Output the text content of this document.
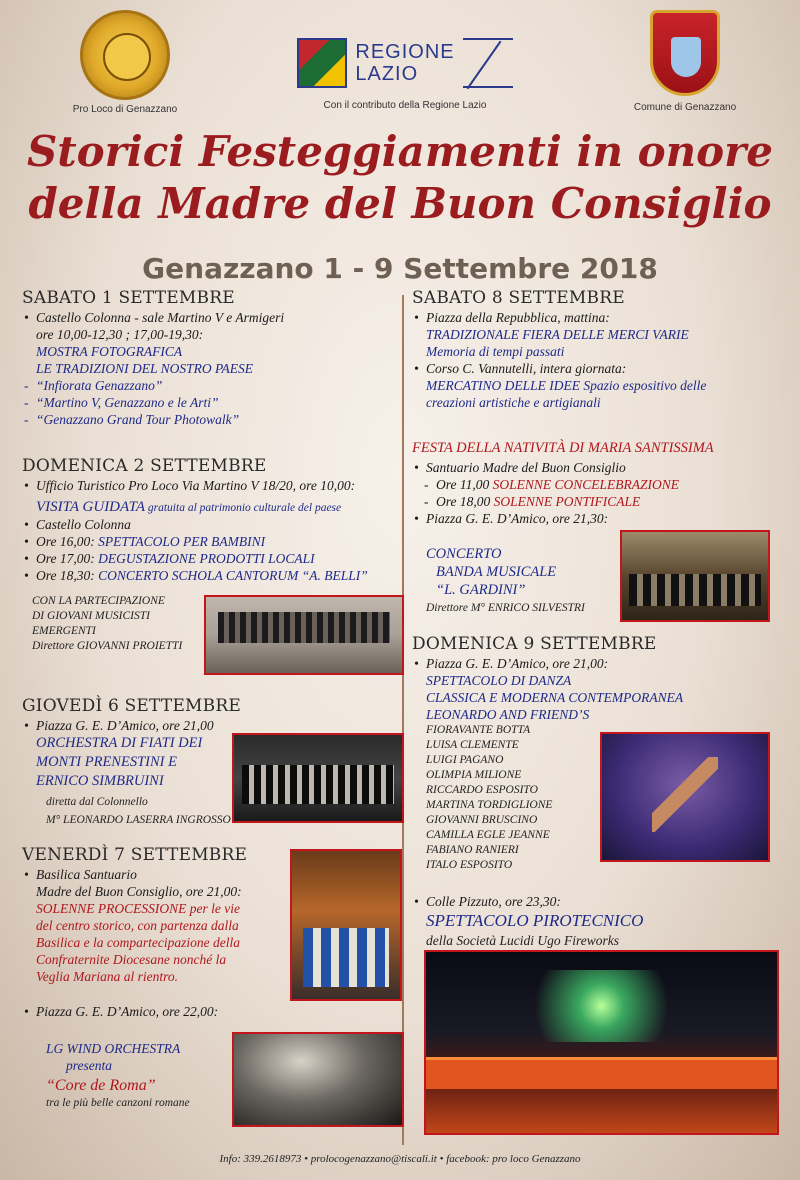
Pro Loco di Genazzano
REGIONE
LAZIO
Con il contributo della Regione Lazio	Comune di Genazzano
Storici Festeggiamenti in onore
della Madre del Buon Consiglio
Genazzano 1 - 9 Settembre 2018
SABATO 1 SETTEMBRE
• Castello Colonna - sale Martino V e Armigeri
ore 10,00-12,30 ; 17,00-19,30:
MOSTRA FOTOGRAFICA
LE TRADIZIONI DEL NOSTRO PAESE
- “Infiorata Genazzano”
- “Martino V, Genazzano e le Arti”
- “Genazzano Grand Tour Photowalk”
DOMENICA 2 SETTEMBRE
• Ufficio Turistico Pro Loco Via Martino V 18/20, ore 10,00:
VISITA GUIDATA gratuita al patrimonio culturale del paese
• Castello Colonna
• Ore 16,00: SPETTACOLO PER BAMBINI
• Ore 17,00: DEGUSTAZIONE PRODOTTI LOCALI
• Ore 18,30: CONCERTO SCHOLA CANTORUM “A. BELLI”
CON LA PARTECIPAZIONE
DI GIOVANI MUSICISTI
EMERGENTI
Direttore GIOVANNI PROIETTI
GIOVEDÌ 6 SETTEMBRE
• Piazza G. E. D’Amico, ore 21,00
ORCHESTRA DI FIATI DEI
MONTI PRENESTINI E
ERNICO SIMBRUINI
diretta dal Colonnello
M° LEONARDO LASERRA INGROSSO
VENERDÌ 7 SETTEMBRE
• Basilica Santuario
Madre del Buon Consiglio, ore 21,00:
SOLENNE PROCESSIONE per le vie
del centro storico, con partenza dalla
Basilica e la compartecipazione della
Confraternite Diocesane nonché la
Veglia Mariana al rientro.
• Piazza G. E. D’Amico, ore 22,00:
LG WIND ORCHESTRA
presenta
“Core de Roma”
tra le più belle canzoni romane
SABATO 8 SETTEMBRE
• Piazza della Repubblica, mattina:
TRADIZIONALE FIERA DELLE MERCI VARIE
Memoria di tempi passati
• Corso C. Vannutelli, intera giornata:
MERCATINO DELLE IDEE Spazio espositivo delle
creazioni artistiche e artigianali
FESTA DELLA NATIVITÀ DI MARIA SANTISSIMA
• Santuario Madre del Buon Consiglio
- Ore 11,00 SOLENNE CONCELEBRAZIONE
- Ore 18,00 SOLENNE PONTIFICALE
• Piazza G. E. D’Amico, ore 21,30:
CONCERTO
BANDA MUSICALE
“L. GARDINI”
Direttore M° ENRICO SILVESTRI
DOMENICA 9 SETTEMBRE
• Piazza G. E. D’Amico, ore 21,00:
SPETTACOLO DI DANZA
CLASSICA E MODERNA CONTEMPORANEA
LEONARDO AND FRIEND’S
FIORAVANTE BOTTA
LUISA CLEMENTE
LUIGI PAGANO
OLIMPIA MILIONE
RICCARDO ESPOSITO
MARTINA TORDIGLIONE
GIOVANNI BRUSCINO
CAMILLA EGLE JEANNE
FABIANO RANIERI
ITALO ESPOSITO
• Colle Pizzuto, ore 23,30:
SPETTACOLO PIROTECNICO
della Società Lucidi Ugo Fireworks
Info: 339.2618973 • prolocogenazzano@tiscali.it • facebook: pro loco Genazzano
